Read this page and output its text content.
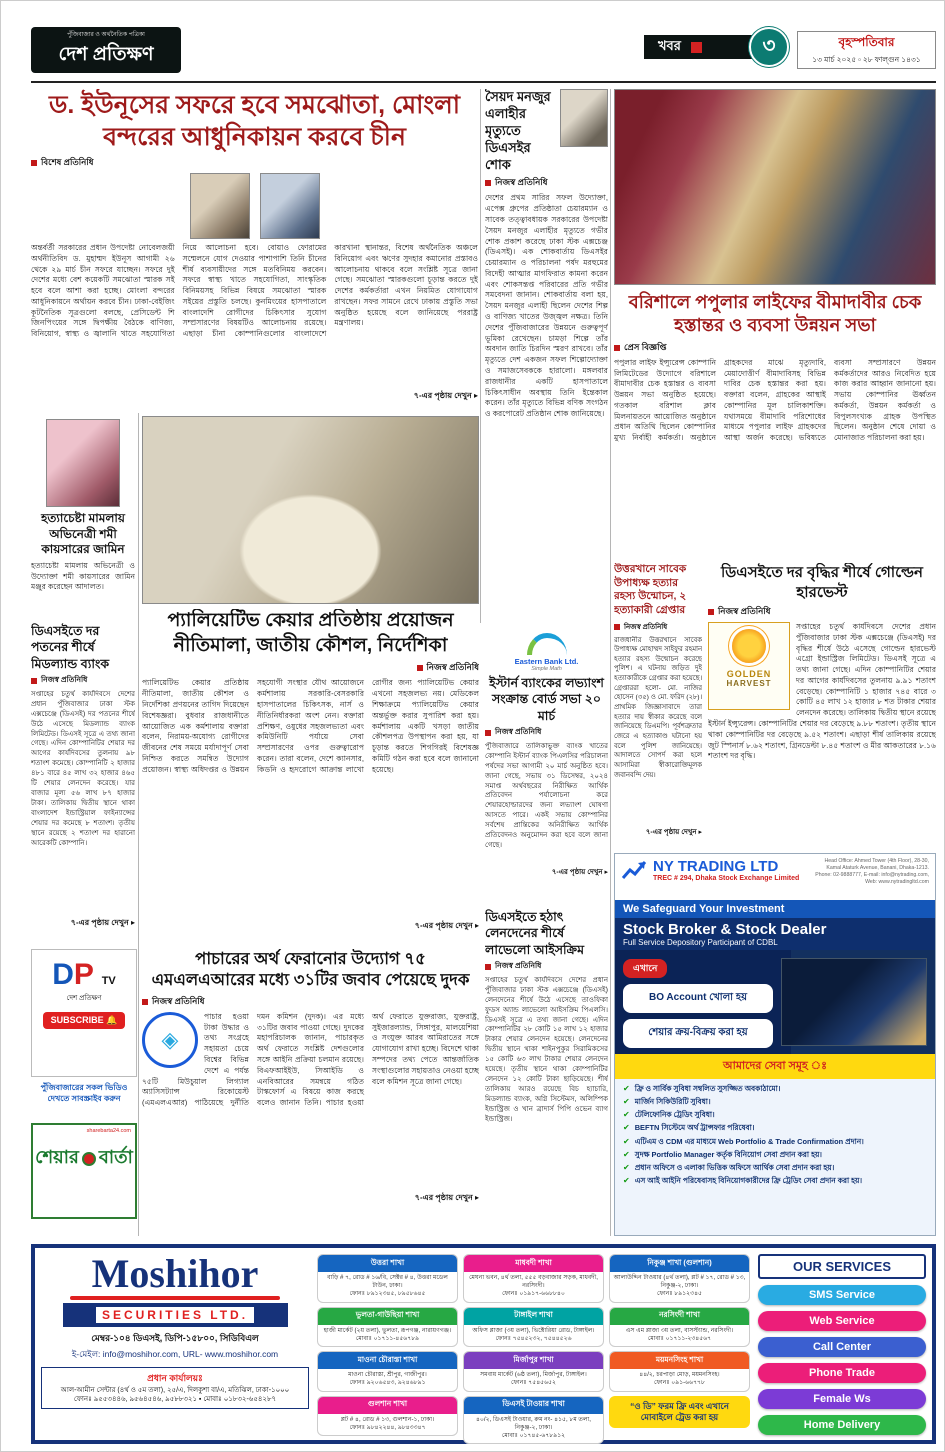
পুঁজিবাজার ও অর্থনৈতিক পত্রিকা
দেশ প্রতিক্ষণ	খবর	৩	বৃহস্পতিবার
১৩ মার্চ ২০২৫ ▫ ২৮ ফাল্গুন ১৪৩১
ড. ইউনূসের সফরে হবে সমঝোতা, মোংলা বন্দরের আধুনিকায়ন করবে চীন
বিশেষ প্রতিনিধি
অন্তর্বর্তী সরকারের প্রধান উপদেষ্টা নোবেলজয়ী অর্থনীতিবিদ ড. মুহাম্মদ ইউনূস আগামী ২৬ থেকে ২৯ মার্চ চীন সফরে যাচ্ছেন। সফরে দুই দেশের মধ্যে বেশ কয়েকটি সমঝোতা স্মারক সই হবে বলে আশা করা হচ্ছে। মোংলা বন্দরের আধুনিকায়নে অর্থায়ন করবে চীন। ঢাকা-বেইজিং কূটনৈতিক সূত্রগুলো বলছে, প্রেসিডেন্ট শি জিনপিংয়ের সঙ্গে দ্বিপক্ষীয় বৈঠকে বাণিজ্য, বিনিয়োগ, স্বাস্থ্য ও জ্বালানি খাতে সহযোগিতা নিয়ে আলোচনা হবে। বোয়াও ফোরামের সম্মেলনে যোগ দেওয়ার পাশাপাশি তিনি চীনের শীর্ষ ব্যবসায়ীদের সঙ্গে মতবিনিময় করবেন। সফরে স্বাস্থ্য খাতে সহযোগিতা, সাংস্কৃতিক বিনিময়সহ বিভিন্ন বিষয়ে সমঝোতা স্মারক সইয়ের প্রস্তুতি চলছে। কুনমিংয়ের হাসপাতালে বাংলাদেশি রোগীদের চিকিৎসার সুযোগ সম্প্রসারণের বিষয়টিও আলোচনায় রয়েছে। এছাড়া চীনা কোম্পানিগুলোর বাংলাদেশে কারখানা স্থানান্তর, বিশেষ অর্থনৈতিক অঞ্চলে বিনিয়োগ এবং ঋণের সুদহার কমানোর প্রস্তাবও আলোচনায় থাকবে বলে সংশ্লিষ্ট সূত্রে জানা গেছে। সমঝোতা স্মারকগুলো চূড়ান্ত করতে দুই দেশের কর্মকর্তারা এখন নিয়মিত যোগাযোগ রাখছেন। সফর সামনে রেখে ঢাকায় প্রস্তুতি সভা অনুষ্ঠিত হয়েছে বলে জানিয়েছে পররাষ্ট্র মন্ত্রণালয়।
৭-এর পৃষ্ঠায় দেখুন ▸
সৈয়দ মনজুর এলাহীর মৃত্যুতে ডিএসইর শোক
নিজস্ব প্রতিনিধি
দেশের প্রথম সারির সফল উদ্যোক্তা, এপেক্স গ্রুপের প্রতিষ্ঠাতা চেয়ারম্যান ও সাবেক তত্ত্বাবধায়ক সরকারের উপদেষ্টা সৈয়দ মনজুর এলাহীর মৃত্যুতে গভীর শোক প্রকাশ করেছে ঢাকা স্টক এক্সচেঞ্জ (ডিএসই)। এক শোকবার্তায় ডিএসইর চেয়ারম্যান ও পরিচালনা পর্ষদ মরহুমের বিদেহী আত্মার মাগফিরাত কামনা করেন এবং শোকসন্তপ্ত পরিবারের প্রতি গভীর সমবেদনা জানান। শোকবার্তায় বলা হয়, সৈয়দ মনজুর এলাহী ছিলেন দেশের শিল্প ও বাণিজ্য খাতের উজ্জ্বল নক্ষত্র। তিনি দেশের পুঁজিবাজারের উন্নয়নে গুরুত্বপূর্ণ ভূমিকা রেখেছেন। চামড়া শিল্পে তাঁর অবদান জাতি চিরদিন স্মরণ রাখবে। তাঁর মৃত্যুতে দেশ একজন সফল শিল্পোদ্যোক্তা ও সমাজসেবককে হারালো। মঙ্গলবার রাজধানীর একটি হাসপাতালে চিকিৎসাধীন অবস্থায় তিনি ইন্তেকাল করেন। তাঁর মৃত্যুতে বিভিন্ন বণিক সংগঠন ও করপোরেট প্রতিষ্ঠান শোক জানিয়েছে।
বরিশালে পপুলার লাইফের বীমাদাবীর চেক হস্তান্তর ও ব্যবসা উন্নয়ন সভা
প্রেস বিজ্ঞপ্তি
পপুলার লাইফ ইন্স্যুরেন্স কোম্পানি লিমিটেডের উদ্যোগে বরিশালে বীমাদাবীর চেক হস্তান্তর ও ব্যবসা উন্নয়ন সভা অনুষ্ঠিত হয়েছে। গতকাল বরিশাল ক্লাব মিলনায়তনে আয়োজিত অনুষ্ঠানে প্রধান অতিথি ছিলেন কোম্পানির মুখ্য নির্বাহী কর্মকর্তা। অনুষ্ঠানে গ্রাহকদের মাঝে মৃত্যুদাবি, মেয়াদোত্তীর্ণ বীমাদাবিসহ বিভিন্ন দাবির চেক হস্তান্তর করা হয়। বক্তারা বলেন, গ্রাহকের আস্থাই কোম্পানির মূল চালিকাশক্তি। যথাসময়ে বীমাদাবি পরিশোধের মাধ্যমে পপুলার লাইফ গ্রাহকদের আস্থা অর্জন করেছে। ভবিষ্যতে ব্যবসা সম্প্রসারণে উন্নয়ন কর্মকর্তাদের আরও নিবেদিত হয়ে কাজ করার আহ্বান জানানো হয়। সভায় কোম্পানির ঊর্ধ্বতন কর্মকর্তা, উন্নয়ন কর্মকর্তা ও বিপুলসংখ্যক গ্রাহক উপস্থিত ছিলেন। অনুষ্ঠান শেষে দোয়া ও মোনাজাত পরিচালনা করা হয়।
হত্যাচেষ্টা মামলায় অভিনেত্রী শমী কায়সারের জামিন
হত্যাচেষ্টা মামলায় অভিনেত্রী ও উদ্যোক্তা শমী কায়সারের জামিন মঞ্জুর করেছেন আদালত।
প্যালিয়েটিভ কেয়ার প্রতিষ্ঠায় প্রয়োজন নীতিমালা, জাতীয় কৌশল, নির্দেশিকা
নিজস্ব প্রতিনিধি
প্যালিয়েটিভ কেয়ার প্রতিষ্ঠায় নীতিমালা, জাতীয় কৌশল ও নির্দেশিকা প্রণয়নের তাগিদ দিয়েছেন বিশেষজ্ঞরা। বুধবার রাজধানীতে আয়োজিত এক কর্মশালায় বক্তারা বলেন, নিরাময়-অযোগ্য রোগীদের জীবনের শেষ সময়ে মর্যাদাপূর্ণ সেবা নিশ্চিত করতে সমন্বিত উদ্যোগ প্রয়োজন। স্বাস্থ্য অধিদপ্তর ও উন্নয়ন সহযোগী সংস্থার যৌথ আয়োজনে কর্মশালায় সরকারি-বেসরকারি হাসপাতালের চিকিৎসক, নার্স ও নীতিনির্ধারকরা অংশ নেন। বক্তারা প্রশিক্ষণ, ওষুধের সহজলভ্যতা এবং কমিউনিটি পর্যায়ে সেবা সম্প্রসারণের ওপর গুরুত্বারোপ করেন। তারা বলেন, দেশে ক্যানসার, কিডনি ও হৃদরোগে আক্রান্ত লাখো রোগীর জন্য প্যালিয়েটিভ কেয়ার এখনো সহজলভ্য নয়। মেডিকেল শিক্ষাক্রমে প্যালিয়েটিভ কেয়ার অন্তর্ভুক্ত করার সুপারিশ করা হয়। কর্মশালায় একটি খসড়া জাতীয় কৌশলপত্র উপস্থাপন করা হয়, যা চূড়ান্ত করতে শিগগিরই বিশেষজ্ঞ কমিটি গঠন করা হবে বলে জানানো হয়েছে।
৭-এর পৃষ্ঠায় দেখুন ▸
ডিএসইতে দর পতনের শীর্ষে মিডল্যান্ড ব্যাংক
নিজস্ব প্রতিনিধি
সপ্তাহের চতুর্থ কার্যদিবসে দেশের প্রধান পুঁজিবাজার ঢাকা স্টক এক্সচেঞ্জে (ডিএসই) দর পতনের শীর্ষে উঠে এসেছে মিডল্যান্ড ব্যাংক লিমিটেড। ডিএসই সূত্রে এ তথ্য জানা গেছে। এদিন কোম্পানিটির শেয়ার দর আগের কার্যদিবসের তুলনায় ৯৮ শতাংশ কমেছে। কোম্পানিটি ২ হাজার ৪৮১ বারে ৪৫ লাখ ৩২ হাজার ৪৬৫ টি শেয়ার লেনদেন করেছে। যার বাজার মূল্য ৫৬ লাখ ৮৭ হাজার টাকা। তালিকায় দ্বিতীয় স্থানে থাকা বাংলাদেশ ইন্ডাস্ট্রিয়াল ফাইন্যান্সের শেয়ার দর কমেছে ৮ শতাংশ। তৃতীয় স্থানে রয়েছে ২ শতাংশ দর হারানো আরেকটি কোম্পানি।
৭-এর পৃষ্ঠায় দেখুন ▸
উত্তরখানে সাবেক উপাধ্যক্ষ হত্যার রহস্য উন্মোচন, ২ হত্যাকারী গ্রেপ্তার
নিজস্ব প্রতিনিধি
রাজধানীর উত্তরখানে সাবেক উপাধ্যক্ষ মোহাম্মদ সাইফুর রহমান হত্যার রহস্য উন্মোচন করেছে পুলিশ। এ ঘটনায় জড়িত দুই হত্যাকারীকে গ্রেপ্তার করা হয়েছে। গ্রেপ্তাররা হলো- মো. নাজির হোসেন (৩৫) ও মো. ফরিদ (২৮)। প্রাথমিক জিজ্ঞাসাবাদে তারা হত্যার দায় স্বীকার করেছে বলে জানিয়েছে ডিএমপি। পূর্বশত্রুতার জেরে এ হত্যাকাণ্ড ঘটানো হয় বলে পুলিশ জানিয়েছে। আদালতে সোপর্দ করা হলে আসামিরা স্বীকারোক্তিমূলক জবানবন্দি দেয়।
৭-এর পৃষ্ঠায় দেখুন ▸
ডিএসইতে দর বৃদ্ধির শীর্ষে গোল্ডেন হারভেস্ট
নিজস্ব প্রতিনিধি
GOLDEN
HARVEST
সপ্তাহের চতুর্থ কার্যদিবসে দেশের প্রধান পুঁজিবাজার ঢাকা স্টক এক্সচেঞ্জে (ডিএসই) দর বৃদ্ধির শীর্ষে উঠে এসেছে গোল্ডেন হারভেস্ট এগ্রো ইন্ডাস্ট্রিজ লিমিটেড। ডিএসই সূত্রে এ তথ্য জানা গেছে। এদিন কোম্পানিটির শেয়ার দর আগের কার্যদিবসের তুলনায় ৯.৯১ শতাংশ বেড়েছে। কোম্পানিটি ১ হাজার ৭৪৫ বারে ৩ কোটি ৪৫ লাখ ১২ হাজার ৮ শত টাকার শেয়ার লেনদেন করেছে। তালিকায় দ্বিতীয় স্থানে রয়েছে ইস্টার্ন ইন্স্যুরেন্স। কোম্পানিটির শেয়ার দর বেড়েছে ৯.৮৮ শতাংশ। তৃতীয় স্থানে থাকা কোম্পানিটির দর বেড়েছে ৯.৫২ শতাংশ। এছাড়া শীর্ষ তালিকায় রয়েছে জুট স্পিনার্স ৮.৬২ শতাংশ, গ্রিনডেল্টা ৮.৪৫ শতাংশ ও মীর আকতারের ৮.১৬ শতাংশ দর বৃদ্ধি।
NY TRADING LTD
TREC # 294, Dhaka Stock Exchange Limited
Head Office: Ahmed Tower (4th Floor), 28-30, Kamal Ataturk Avenue, Banani, Dhaka-1213. Phone: 02-9888777, E-mail: info@nytrading.com, Web: www.nytradingltd.com
We Safeguard Your Investment
Stock Broker & Stock Dealer
Full Service Depository Participant of CDBL
এখানে
BO Account খোলা হয়
শেয়ার ক্রয়-বিক্রয় করা হয়
আমাদের সেবা সমূহ ঃ
✔ ফ্রি ও সার্বিক সুবিধা সম্বলিত সুসজ্জিত অবকাঠামো।
✔ মার্জিন সিকিউরিটি সুবিধা।
✔ টেলিফোনিক ট্রেডিং সুবিধা।
✔ BEFTN সিস্টেমে অর্থ ট্রান্সফার পরিষেবা।
✔ এটিএম ও CDM এর মাধ্যমে Web Portfolio & Trade Confirmation প্রদান।
✔ সুদক্ষ Portfolio Manager কর্তৃক বিনিয়োগ সেবা প্রদান করা হয়।
✔ প্রধান অফিসে ও এলাকা ভিত্তিক অফিসে আর্থিক সেবা প্রদান করা হয়।
✔ এস আই আইনি পরিষেবাসহ বিনিয়োগকারীদের ফ্রি ট্রেডিং সেবা প্রদান করা হয়।
DP TV
দেশ প্রতিক্ষণ
SUBSCRIBE 🔔
পুঁজিবাজারের সকল ভিডিও দেখতে সাবস্ক্রাইব করুন
sharebarta24.com
শেয়ার বার্তা
পাচারের অর্থ ফেরানোর উদ্যোগ ৭৫ এমএলএআরের মধ্যে ৩১টির জবাব পেয়েছে দুদক
নিজস্ব প্রতিনিধি
◈
পাচার হওয়া টাকা উদ্ধার ও তথ্য সংগ্রহে সহায়তা চেয়ে বিশ্বের বিভিন্ন দেশে এ পর্যন্ত ৭৫টি মিউচুয়াল লিগ্যাল অ্যাসিসট্যান্স রিকোয়েস্ট (এমএলএআর) পাঠিয়েছে দুর্নীতি দমন কমিশন (দুদক)। এর মধ্যে ৩১টির জবাব পাওয়া গেছে। দুদকের মহাপরিচালক জানান, পাচারকৃত অর্থ ফেরাতে সংশ্লিষ্ট দেশগুলোর সঙ্গে আইনি প্রক্রিয়া চলমান রয়েছে। বিএফআইইউ, সিআইডি ও এনবিআরের সমন্বয়ে গঠিত টাস্কফোর্স এ বিষয়ে কাজ করছে বলেও জানান তিনি। পাচার হওয়া অর্থ ফেরাতে যুক্তরাজ্য, যুক্তরাষ্ট্র, সুইজারল্যান্ড, সিঙ্গাপুর, মালয়েশিয়া ও সংযুক্ত আরব আমিরাতের সঙ্গে যোগাযোগ রাখা হচ্ছে। বিদেশে থাকা সম্পদের তথ্য পেতে আন্তর্জাতিক সংস্থাগুলোর সহায়তাও নেওয়া হচ্ছে বলে কমিশন সূত্রে জানা গেছে।
৭-এর পৃষ্ঠায় দেখুন ▸
Eastern Bank Ltd.
Simple Math
ইস্টার্ন ব্যাংকের লভ্যাংশ সংক্রান্ত বোর্ড সভা ২০ মার্চ
নিজস্ব প্রতিনিধি
পুঁজিবাজারে তালিকাভুক্ত ব্যাংক খাতের কোম্পানি ইস্টার্ন ব্যাংক পিএলসির পরিচালনা পর্ষদের সভা আগামী ২০ মার্চ অনুষ্ঠিত হবে। জানা গেছে, সভায় ৩১ ডিসেম্বর, ২০২৪ সমাপ্ত অর্থবছরের নিরীক্ষিত আর্থিক প্রতিবেদন পর্যালোচনা করে শেয়ারহোল্ডারদের জন্য লভ্যাংশ ঘোষণা আসতে পারে। একই সভায় কোম্পানির সর্বশেষ প্রান্তিকের অনিরীক্ষিত আর্থিক প্রতিবেদনও অনুমোদন করা হবে বলে জানা গেছে।
৭-এর পৃষ্ঠায় দেখুন ▸
ডিএসইতে হঠাৎ লেনদেনের শীর্ষে লাভেলো আইসক্রিম
নিজস্ব প্রতিনিধি
সপ্তাহের চতুর্থ কার্যদিবসে দেশের প্রধান পুঁজিবাজার ঢাকা স্টক এক্সচেঞ্জে (ডিএসই) লেনদেনের শীর্ষে উঠে এসেছে তাওফিকা ফুডস অ্যান্ড লাভেলো আইসক্রিম পিএলসি। ডিএসই সূত্রে এ তথ্য জানা গেছে। এদিন কোম্পানিটির ২৮ কোটি ১৫ লাখ ১২ হাজার টাকার শেয়ার লেনদেন হয়েছে। লেনদেনের দ্বিতীয় স্থানে থাকা শাইনপুকুর সিরামিকসের ১৫ কোটি ৬৩ লাখ টাকার শেয়ার লেনদেন হয়েছে। তৃতীয় স্থানে থাকা কোম্পানিটির লেনদেন ১২ কোটি টাকা ছাড়িয়েছে। শীর্ষ তালিকায় আরও রয়েছে বিচ হ্যাচারি, মিডল্যান্ড ব্যাংক, অগ্নি সিস্টেমস, অলিম্পিক ইন্ডাস্ট্রিজ ও খান ব্রাদার্স পিপি ওভেন ব্যাগ ইন্ডাস্ট্রিজ।
Moshihor
SECURITIES LTD.
মেম্বর-১০৪ ডিএসই, ডিপি-১৫৮০০, সিডিবিএল
ই-মেইল: info@moshihor.com, URL- www.moshihor.com
প্রধান কার্যালয়ঃ
আল-আমীন সেন্টার (৪র্থ ও ৫ম তলা), ২৫/এ, দিলকুশা বা/এ, মতিঝিল, ঢাকা-১০০০
ফোনঃ ৯৫৫৩৪৪৬, ৯৫৬৪৫৪৬, ৯৫৮৮৩২১ ▪ মোবাঃ ০১৮৩২-৬৫৪২৮৭
উত্তরা শাখা
বাড়ি # ৭, রোড # ১৬/বি, সেক্টর # ৪, উত্তরা মডেল টাউন, ঢাকা।
ফোনঃ ৮৯১২৩৪৫, ৮৯৫৮৬৪৫
ভুলতা-গাউছিয়া শাখা
হাজী মার্কেট (২য় তলা), ভুলতা, রূপগঞ্জ, নারায়ণগঞ্জ।
মোবাঃ ০১৭১১-৪৫৬৭৮৯
মাওনা চৌরাস্তা শাখা
মাওনা চৌরাস্তা, শ্রীপুর, গাজীপুর।
ফোনঃ ৯২০৬৫৪৩, ৯২৪৬৮৯১
গুলশান শাখা
প্লট # ৪, রোড # ১৩, গুলশান-১, ঢাকা।
ফোনঃ ৯৮৪২২৪৪, ৯৮৪৩৩৪৭
মাধবদী শাখা
মেঘনা ভবন, ৪র্থ তলা, ৫৫৫ বড়বাজার সড়ক, মাধবদী, নরসিংদী।
ফোনঃ ০১৯১৭-৬৬৮৮৪০
টাঙ্গাইল শাখা
অফিস প্লাজা (৩য় তলা), ভিক্টোরিয়া রোড, টাঙ্গাইল।
ফোনঃ ৭৫৪৫২৩২, ৭৫৪৪৫২৬
মির্জাপুর শাখা
সমবায় মার্কেট (৬ষ্ঠ তলা), মির্জাপুর, টাঙ্গাইল।
ফোনঃ ৭৫৪৫৬৫২
ডিএসই টাওয়ার শাখা
৪০/২, ডিএসই টাওয়ার, রুম নং- ৪১৫, ৮ম তলা, নিকুঞ্জ-২, ঢাকা।
মোবাঃ ০১৭৪৫-৬৭৮৯১২
নিকুঞ্জ শাখা (গুলশান)
আলাউদ্দিন টাওয়ার (৪র্থ তলা), প্লট # ১৭, রোড # ১৩, নিকুঞ্জ-২, ঢাকা।
ফোনঃ ৮৯১২৩৪৫
নরসিংদী শাখা
এস এম প্লাজা ৩য় তলা, বাসস্ট্যান্ড, নরসিংদী।
মোবাঃ ০১৭১১-২৩৪৫৬৭
ময়মনসিংহ শাখা
৪৪/২, চরপাড়া মোড়, ময়মনসিংহ।
ফোনঃ ০৯১-৬৬৭৭৮
“ও ডি” ফরম ফ্রি এবং এখানে মোবাইলে ট্রেড করা হয়
OUR SERVICES
SMS Service
Web Service
Call Center
Phone Trade
Female Ws
Home Delivery
